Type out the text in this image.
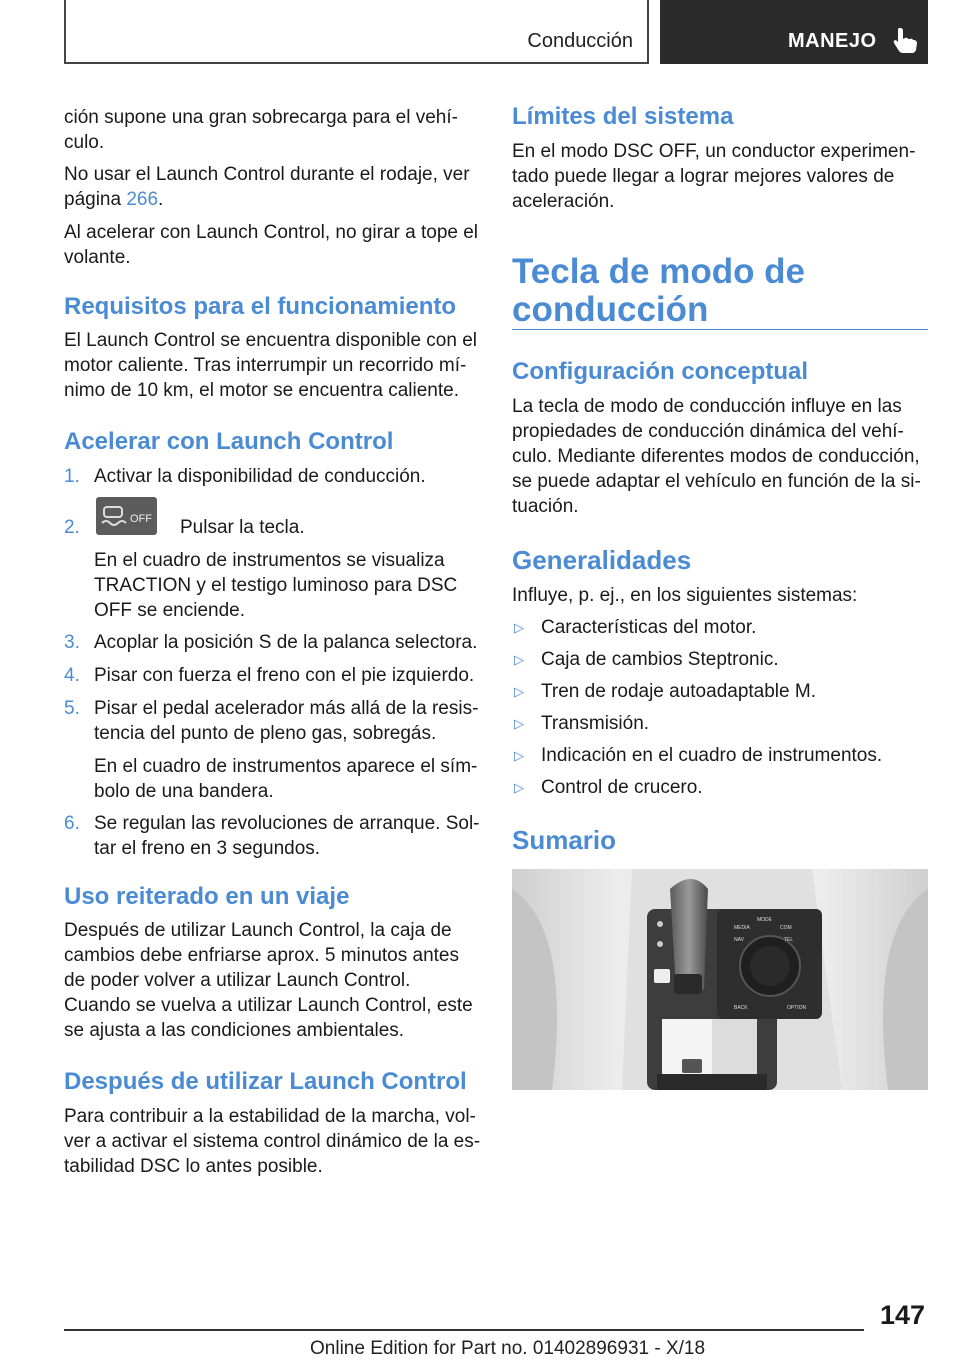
Conducción	MANEJO

ción supone una gran sobrecarga para el vehí‐

culo.

No usar el Launch Control durante el rodaje, ver

página 266.

Al acelerar con Launch Control, no girar a tope el

volante.

Requisitos para el funcionamiento

El Launch Control se encuentra disponible con el

motor caliente. Tras interrumpir un recorrido mí‐

nimo de 10 km, el motor se encuentra caliente.

Acelerar con Launch Control
1. Activar la disponibilidad de conducción.
2.	OFF Pulsar la tecla.
En el cuadro de instrumentos se visualiza
TRACTION y el testigo luminoso para DSC
OFF se enciende.
3. Acoplar la posición S de la palanca selectora.
4. Pisar con fuerza el freno con el pie izquierdo.
5. Pisar el pedal acelerador más allá de la resis‐
tencia del punto de pleno gas, sobregás.
En el cuadro de instrumentos aparece el sím‐
bolo de una bandera.
6. Se regulan las revoluciones de arranque. Sol‐
tar el freno en 3 segundos.
Uso reiterado en un viaje

Después de utilizar Launch Control, la caja de

cambios debe enfriarse aprox. 5 minutos antes

de poder volver a utilizar Launch Control.

Cuando se vuelva a utilizar Launch Control, este

se ajusta a las condiciones ambientales.

Después de utilizar Launch Control

Para contribuir a la estabilidad de la marcha, vol‐

ver a activar el sistema control dinámico de la es‐

tabilidad DSC lo antes posible.

Límites del sistema

En el modo DSC OFF, un conductor experimen‐

tado puede llegar a lograr mejores valores de

aceleración.

Tecla de modo de
conducción
Configuración conceptual

La tecla de modo de conducción influye en las

propiedades de conducción dinámica del vehí‐

culo. Mediante diferentes modos de conducción,

se puede adaptar el vehículo en función de la si‐

tuación.

Generalidades

Influye, p. ej., en los siguientes sistemas:

▷ Características del motor.
▷ Caja de cambios Steptronic.
▷ Tren de rodaje autoadaptable M.
▷ Transmisión.
▷ Indicación en el cuadro de instrumentos.
▷ Control de crucero.
Sumario
MEDIA	COM
MODE
BACK	OPTION
NAV	TEL
147
Online Edition for Part no. 01402896931 - X/18
